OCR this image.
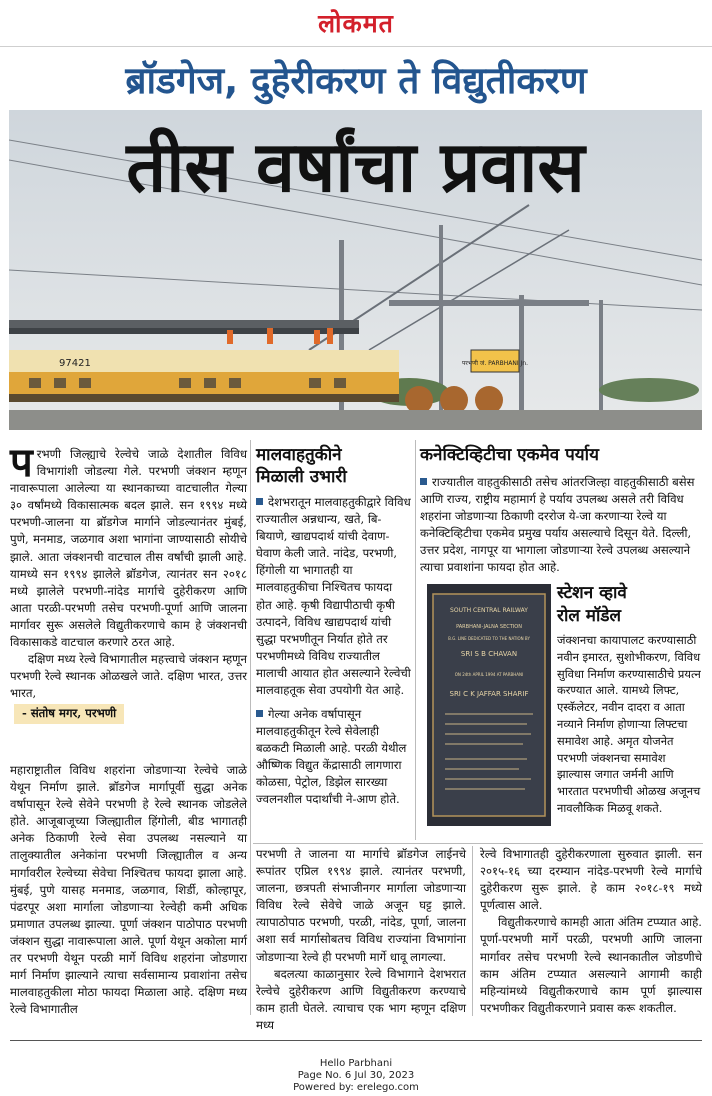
लोकमत
ब्रॉडगेज, दुहेरीकरण ते विद्युतीकरण
97421	परभणी जं. PARBHANI Jn.
तीस वर्षांचा प्रवास

परभणी जिल्ह्याचे रेल्वेचे जाळे देशातील विविध विभागांशी जोडल्या गेले. परभणी जंक्शन म्हणून नावारूपाला आलेल्या या स्थानकाच्या वाटचालीत गेल्या ३० वर्षांमध्ये विकासात्मक बदल झाले. सन १९९४ मध्ये परभणी-जालना या ब्रॉडगेज मार्गाने जोडल्यानंतर मुंबई, पुणे, मनमाड, जळगाव अशा भागांना जाण्यासाठी सोयीचे झाले. आता जंक्शनची वाटचाल तीस वर्षांची झाली आहे. यामध्ये सन १९९४ झालेले ब्रॉडगेज, त्यानंतर सन २०१८ मध्ये झालेले परभणी-नांदेड मार्गाचे दुहेरीकरण आणि आता परळी-परभणी तसेच परभणी-पूर्णा आणि जालना मार्गावर सुरू असलेले विद्युतीकरणाचे काम हे जंक्शनची विकासाकडे वाटचाल करणारे ठरत आहे.

दक्षिण मध्य रेल्वे विभागातील महत्त्वाचे जंक्शन म्हणून परभणी रेल्वे स्थानक ओळखले जाते. दक्षिण भारत, उत्तर भारत,

- संतोष मगर, परभणी

महाराष्ट्रातील विविध शहरांना जोडणाऱ्या रेल्वेचे जाळे येथून निर्माण झाले. ब्रॉडगेज मार्गापूर्वी सुद्धा अनेक वर्षापासून रेल्वे सेवेने परभणी हे रेल्वे स्थानक जोडलेले होते. आजूबाजूच्या जिल्ह्यातील हिंगोली, बीड भागातही अनेक ठिकाणी रेल्वे सेवा उपलब्ध नसल्याने या तालुक्यातील अनेकांना परभणी जिल्ह्यातील व अन्य मार्गावरील रेल्वेच्या सेवेचा निश्चितच फायदा झाला आहे. मुंबई, पुणे यासह मनमाड, जळगाव, शिर्डी, कोल्हापूर, पंढरपूर अशा मार्गाला जोडणाऱ्या रेल्वेही कमी अधिक प्रमाणात उपलब्ध झाल्या. पूर्णा जंक्शन पाठोपाठ परभणी जंक्शन सुद्धा नावारूपाला आले. पूर्णा येथून अकोला मार्ग तर परभणी येथून परळी मार्गे विविध शहरांना जोडणारा मार्ग निर्माण झाल्याने त्याचा सर्वसामान्य प्रवाशांना तसेच मालवाहतुकीला मोठा फायदा मिळाला आहे. दक्षिण मध्य रेल्वे विभागातील

मालवाहतुकीने
मिळाली उभारी
देशभरातून मालवाहतुकीद्वारे विविध राज्यातील अन्नधान्य, खते, बि-बियाणे, खाद्यपदार्थ यांची देवाण-घेवाण केली जाते. नांदेड, परभणी, हिंगोली या भागातही या मालवाहतुकीचा निश्चितच फायदा होत आहे. कृषी विद्यापीठाची कृषी उत्पादने, विविध खाद्यपदार्थ यांची सुद्धा परभणीतून निर्यात होते तर परभणीमध्ये विविध राज्यातील मालाची आयात होत असल्याने रेल्वेची मालवाहतूक सेवा उपयोगी येत आहे.
गेल्या अनेक वर्षापासून मालवाहतुकीतून रेल्वे सेवेलाही बळकटी मिळाली आहे. परळी येथील औष्णिक विद्युत केंद्रासाठी लागणारा कोळसा, पेट्रोल, डिझेल सारख्या ज्वलनशील पदार्थांची ने-आण होते.
कनेक्टिव्हिटीचा एकमेव पर्याय
राज्यातील वाहतुकीसाठी तसेच आंतरजिल्हा वाहतुकीसाठी बसेस आणि राज्य, राष्ट्रीय महामार्ग हे पर्याय उपलब्ध असले तरी विविध शहरांना जोडणाऱ्या ठिकाणी दररोज ये-जा करणाऱ्या रेल्वे या कनेक्टिव्हिटीचा एकमेव प्रमुख पर्याय असल्याचे दिसून येते. दिल्ली, उत्तर प्रदेश, नागपूर या भागाला जोडणाऱ्या रेल्वे उपलब्ध असल्याने त्याचा प्रवाशांना फायदा होत आहे.
SOUTH CENTRAL RAILWAY
PARBHANI-JALNA SECTION
B.G. LINE DEDICATED TO THE NATION BY
SRI S B CHAVAN
ON 24th APRIL 1994 AT PARBHANI
SRI C K JAFFAR SHARIF
स्टेशन व्हावे
रोल मॉडेल
जंक्शनचा कायापालट करण्यासाठी नवीन इमारत, सुशोभीकरण, विविध सुविधा निर्माण करण्यासाठीचे प्रयत्न करण्यात आले. यामध्ये लिफ्ट, एस्कॅलेटर, नवीन दादरा व आता नव्याने निर्माण होणाऱ्या लिफ्टचा समावेश आहे. अमृत योजनेत परभणी जंक्शनचा समावेश झाल्यास जगात जर्मनी आणि भारतात परभणीची ओळख अजूनच नावलौकिक मिळवू शकते.

परभणी ते जालना या मार्गाचे ब्रॉडगेज लाईनचे रूपांतर एप्रिल १९९४ झाले. त्यानंतर परभणी, जालना, छत्रपती संभाजीनगर मार्गाला जोडणाऱ्या विविध रेल्वे सेवेचे जाळे अजून घट्ट झाले. त्यापाठोपाठ परभणी, परळी, नांदेड, पूर्णा, जालना अशा सर्व मार्गासोबतच विविध राज्यांना विभागांना जोडणाऱ्या रेल्वे ही परभणी मार्गे धावू लागल्या.

बदलत्या काळानुसार रेल्वे विभागाने देशभरात रेल्वेचे दुहेरीकरण आणि विद्युतीकरण करण्याचे काम हाती घेतले. त्याचाच एक भाग म्हणून दक्षिण मध्य

रेल्वे विभागातही दुहेरीकरणाला सुरुवात झाली. सन २०१५-१६ च्या दरम्यान नांदेड-परभणी रेल्वे मार्गाचे दुहेरीकरण सुरू झाले. हे काम २०१८-१९ मध्ये पूर्णत्वास आले.

विद्युतीकरणाचे कामही आता अंतिम टप्प्यात आहे. पूर्णा-परभणी मार्गे परळी, परभणी आणि जालना मार्गावर तसेच परभणी रेल्वे स्थानकातील जोडणीचे काम अंतिम टप्प्यात असल्याने आगामी काही महिन्यांमध्ये विद्युतीकरणाचे काम पूर्ण झाल्यास परभणीकर विद्युतीकरणाने प्रवास करू शकतील.

Hello Parbhani
Page No. 6 Jul 30, 2023
Powered by: erelego.com
